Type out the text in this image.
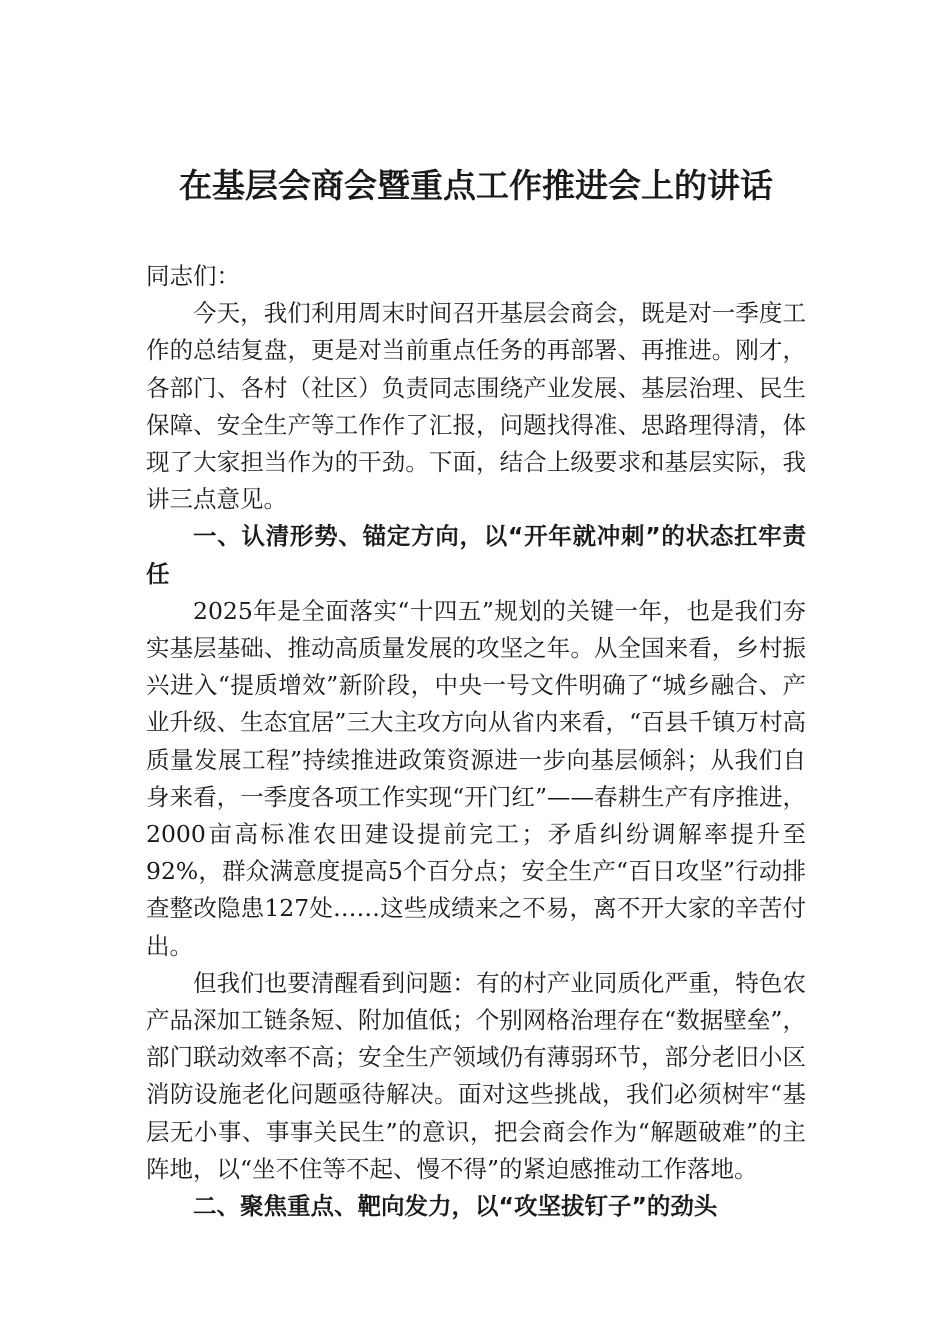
在基层会商会暨重点工作推进会上的讲话

同志们：

今天，我们利用周末时间召开基层会商会，既是对一季度工作的总结复盘，更是对当前重点任务的再部署、再推进。刚才，各部门、各村（社区）负责同志围绕产业发展、基层治理、民生保障、安全生产等工作作了汇报，问题找得准、思路理得清，体现了大家担当作为的干劲。下面，结合上级要求和基层实际，我讲三点意见。

一、认清形势、锚定方向，以“开年就冲刺”的状态扛牢责任

2025年是全面落实“十四五”规划的关键一年，也是我们夯实基层基础、推动高质量发展的攻坚之年。从全国来看，乡村振兴进入“提质增效”新阶段，中央一号文件明确了“城乡融合、产业升级、生态宜居”三大主攻方向从省内来看，“百县千镇万村高质量发展工程”持续推进政策资源进一步向基层倾斜；从我们自身来看，一季度各项工作实现“开门红”——春耕生产有序推进，2000亩高标准农田建设提前完工；矛盾纠纷调解率提升至92%，群众满意度提高5个百分点；安全生产“百日攻坚”行动排查整改隐患127处……这些成绩来之不易，离不开大家的辛苦付出。

但我们也要清醒看到问题：有的村产业同质化严重，特色农产品深加工链条短、附加值低；个别网格治理存在“数据壁垒”，部门联动效率不高；安全生产领域仍有薄弱环节，部分老旧小区消防设施老化问题亟待解决。面对这些挑战，我们必须树牢“基层无小事、事事关民生”的意识，把会商会作为“解题破难”的主阵地，以“坐不住等不起、慢不得”的紧迫感推动工作落地。

二、聚焦重点、靶向发力，以“攻坚拔钉子”的劲头
